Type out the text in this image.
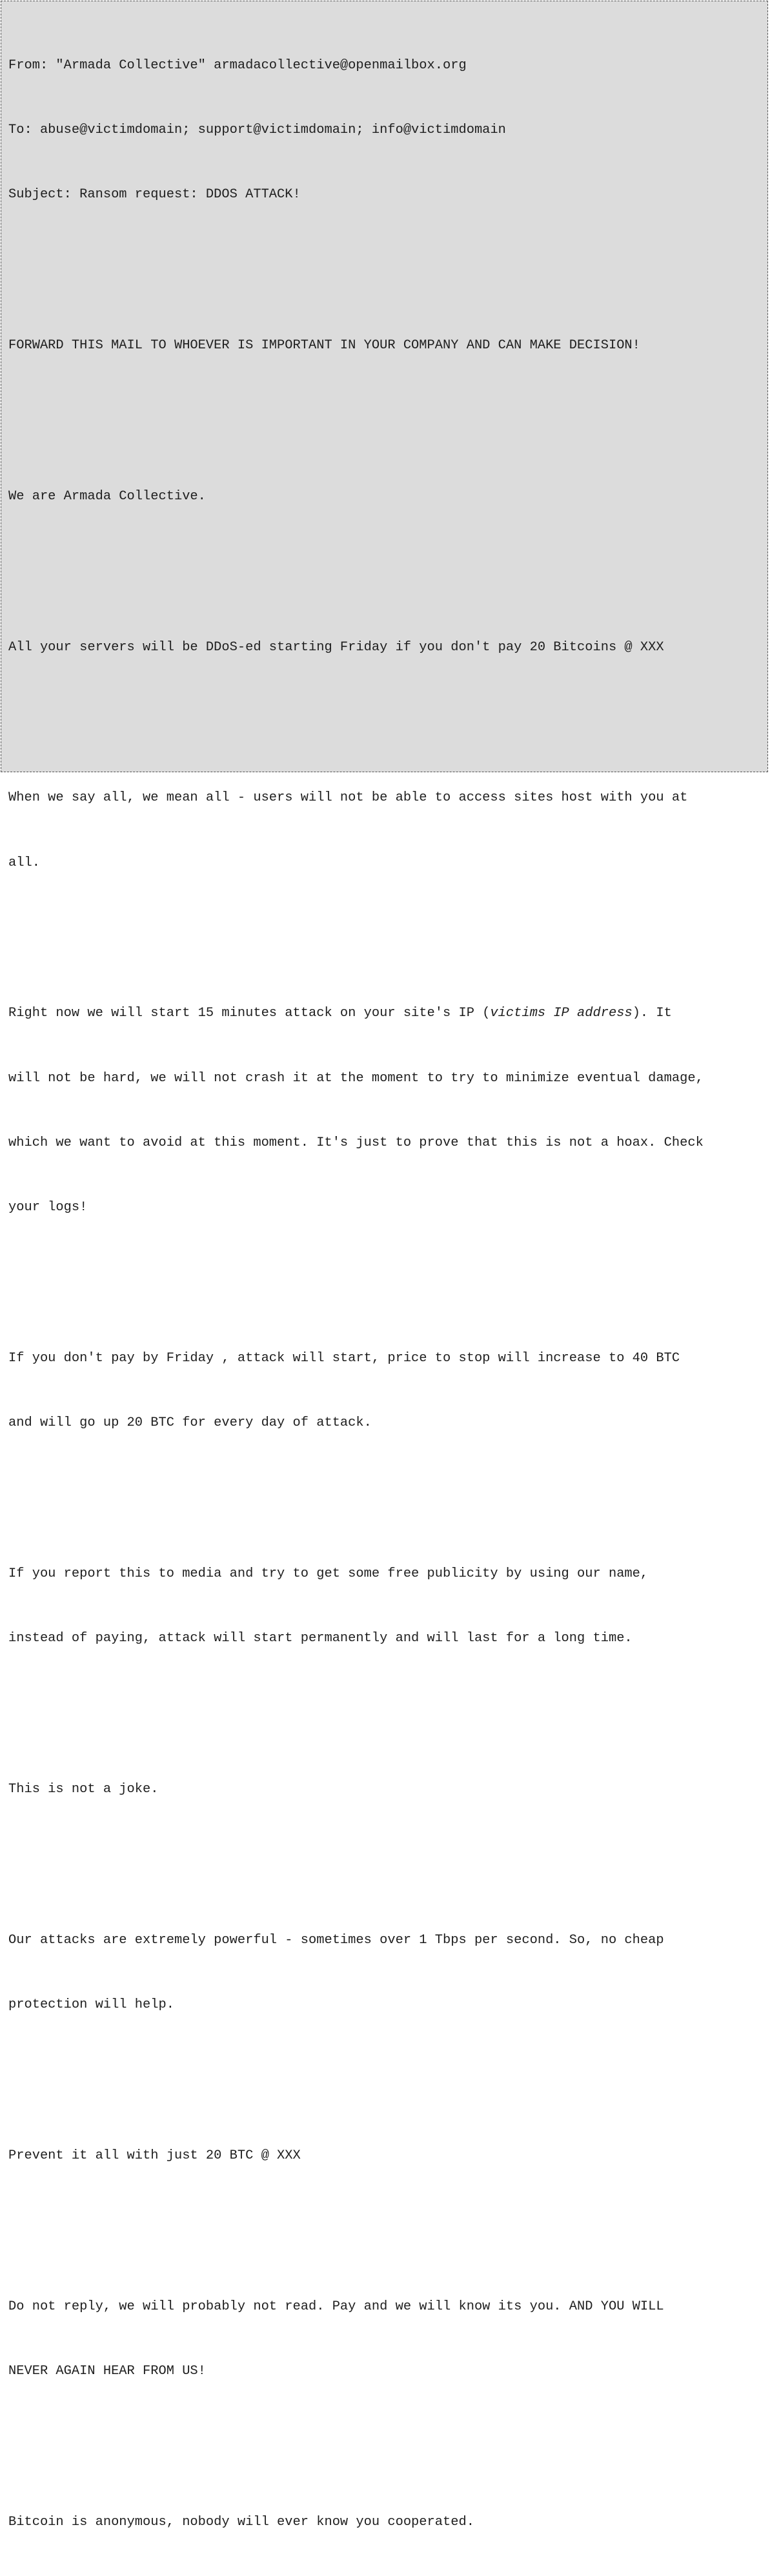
From: "Armada Collective" armadacollective@openmailbox.org

To: abuse@victimdomain; support@victimdomain; info@victimdomain

Subject: Ransom request: DDOS ATTACK!

FORWARD THIS MAIL TO WHOEVER IS IMPORTANT IN YOUR COMPANY AND CAN MAKE DECISION!

We are Armada Collective.

All your servers will be DDoS-ed starting Friday if you don't pay 20 Bitcoins @ XXX

When we say all, we mean all - users will not be able to access sites host with you at

all.

Right now we will start 15 minutes attack on your site's IP (victims IP address). It

will not be hard, we will not crash it at the moment to try to minimize eventual damage,

which we want to avoid at this moment. It's just to prove that this is not a hoax. Check

your logs!

If you don't pay by Friday , attack will start, price to stop will increase to 40 BTC

and will go up 20 BTC for every day of attack.

If you report this to media and try to get some free publicity by using our name,

instead of paying, attack will start permanently and will last for a long time.

This is not a joke.

Our attacks are extremely powerful - sometimes over 1 Tbps per second. So, no cheap

protection will help.

Prevent it all with just 20 BTC @ XXX

Do not reply, we will probably not read. Pay and we will know its you. AND YOU WILL

NEVER AGAIN HEAR FROM US!

Bitcoin is anonymous, nobody will ever know you cooperated.
